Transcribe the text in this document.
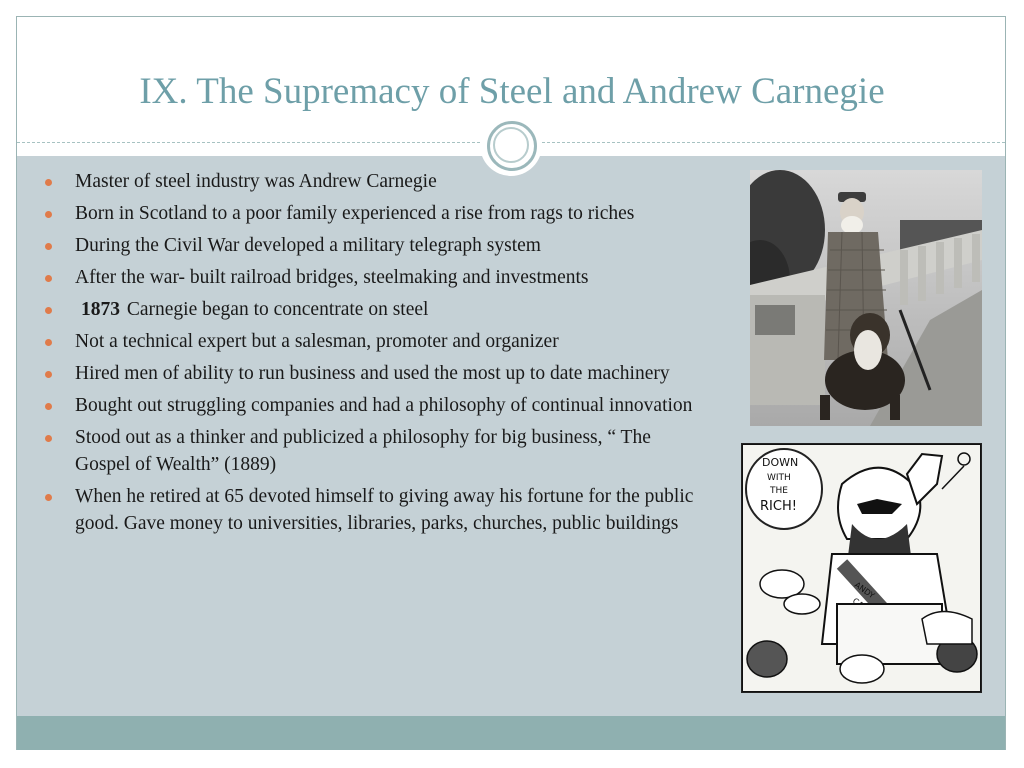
IX. The Supremacy of Steel and Andrew Carnegie
Master of steel industry was Andrew Carnegie
Born in Scotland to a poor family experienced a rise from rags to riches
During the Civil War developed a military telegraph system
After the war- built railroad bridges, steelmaking and investments
1873 Carnegie began to concentrate on steel
Not a technical expert but a salesman, promoter and organizer
Hired men of ability to run business and used the most up to date machinery
Bought out struggling companies and had a philosophy of continual innovation
Stood out as a thinker and publicized a philosophy for big business, “ The Gospel of Wealth” (1889)
When he retired at 65 devoted himself to giving away his fortune for the public good. Gave money to universities, libraries, parks, churches, public buildings
DOWN
WITH
THE
RICH!
ANDY
